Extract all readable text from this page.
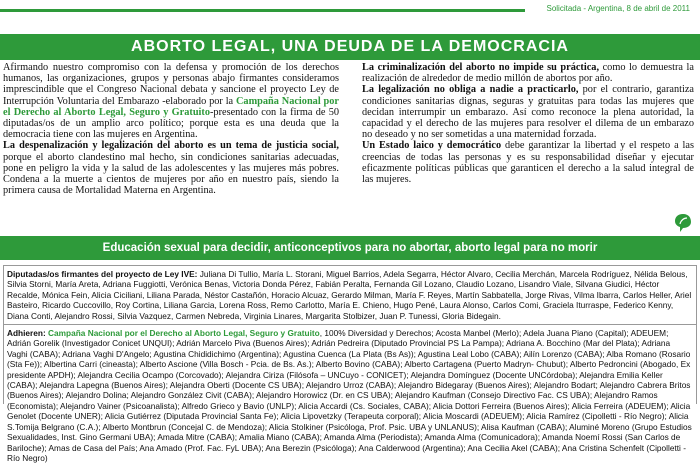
Solicitada - Argentina, 8 de abril de 2011
ABORTO LEGAL, UNA DEUDA DE LA DEMOCRACIA

Afirmando nuestro compromiso con la defensa y promoción de los derechos humanos, las organizaciones, grupos y personas abajo firmantes consideramos imprescindible que el Congreso Nacional debata y sancione el proyecto Ley de Interrupción Voluntaria del Embarazo -elaborado por la Campaña Nacional por el Derecho al Aborto Legal, Seguro y Gratuito-presentado con la firma de 50 diputadas/os de un amplio arco político; porque esta es una deuda que la democracia tiene con las mujeres en Argentina.

La despenalización y legalización del aborto es un tema de justicia social, porque el aborto clandestino mal hecho, sin condiciones sanitarias adecuadas, pone en peligro la vida y la salud de las adolescentes y las mujeres más pobres. Condena a la muerte a cientos de mujeres por año en nuestro país, siendo la primera causa de Mortalidad Materna en Argentina.

La criminalización del aborto no impide su práctica, como lo demuestra la realización de alrededor de medio millón de abortos por año.

La legalización no obliga a nadie a practicarlo, por el contrario, garantiza condiciones sanitarias dignas, seguras y gratuitas para todas las mujeres que decidan interrumpir un embarazo. Así como reconoce la plena autoridad, la capacidad y el derecho de las mujeres para resolver el dilema de un embarazo no deseado y no ser sometidas a una maternidad forzada.

Un Estado laico y democrático debe garantizar la libertad y el respeto a las creencias de todas las personas y es su responsabilidad diseñar y ejecutar eficazmente políticas públicas que garanticen el derecho a la salud integral de las mujeres.

Educación sexual para decidir, anticonceptivos para no abortar, aborto legal para no morir
Diputadas/os firmantes del proyecto de Ley IVE: Juliana Di Tullio, María L. Storani, Miguel Barrios, Adela Segarra, Héctor Alvaro, Cecilia Merchán, Marcela Rodríguez, Nélida Belous, Silvia Storni, María Areta, Adriana Fuggiotti, Verónica Benas, Victoria Donda Pérez, Fabián Peralta, Fernanda Gil Lozano, Claudio Lozano, Lisandro Viale, Silvana Giudici, Héctor Recalde, Mónica Fein, Alicia Ciciliani, Liliana Parada, Néstor Castañón, Horacio Alcuaz, Gerardo Milman, María F. Reyes, Martín Sabbatella, Jorge Rivas, Vilma Ibarra, Carlos Heller, Ariel Basteiro, Ricardo Cuccovillo, Roy Cortina, Liliana Garcia, Lorena Ross, Remo Carlotto, María E. Chieno, Hugo Pené, Laura Alonso, Carlos Comi, Graciela Iturraspe, Federico Kenny, Diana Conti, Alejandro Rossi, Silvia Vazquez, Carmen Nebreda, Virginia Linares, Margarita Stolbizer, Juan P. Tunessi, Gloria Bidegain.
Adhieren: Campaña Nacional por el Derecho al Aborto Legal, Seguro y Gratuito, 100% Diversidad y Derechos; Acosta Manbel (Merlo); Adela Juana Piano (Capital); ADEUEM; Adrián Gorelik (Investigador Conicet UNQUI); Adrián Marcelo Piva (Buenos Aires); Adrián Pedreira (Diputado Provincial PS La Pampa); Adriana A. Bocchino (Mar del Plata); Adriana Vaghi (CABA); Adriana Vaghi D'Angelo; Agustina Chididichimo (Argentina); Agustina Cuenca (La Plata (Bs As)); Agustina Leal Lobo (CABA); Ailín Lorenzo (CABA); Alba Romano (Rosario (Sta Fe)); Albertina Carri (cineasta); Alberto Ascione (Villa Bosch - Pcia. de Bs. As.); Alberto Bovino (CABA); Alberto Cartagena (Puerto Madryn- Chubut); Alberto Pedroncini (Abogado, Ex presidente APDH); Alejandra Cecilia Ocampo (Corcovado); Alejandra Ciriza (Filósofa – UNCuyo - CONICET); Alejandra Domínguez (Docente UNCórdoba); Alejandra Emilia Keller (CABA); Alejandra Lapegna (Buenos Aires); Alejandra Oberti (Docente CS UBA); Alejandro Urroz (CABA); Alejandro Bidegaray (Buenos Aires); Alejandro Bodart; Alejandro Cabrera Britos (Buenos Aires); Alejandro Dolina; Alejandro González Civit (CABA); Alejandro Horowicz (Dr. en CS UBA); Alejandro Kaufman (Consejo Directivo Fac. CS UBA); Alejandro Ramos (Economista); Alejandro Vainer (Psicoanalista); Alfredo Grieco y Bavio (UNLP); Alicia Accardi (Cs. Sociales, CABA); Alicia Dottori Ferreira (Buenos Aires); Alicia Ferreira (ADEUEM); Alicia Genolet (Docente UNER); Alicia Gutiérrez (Diputada Provincial Santa Fe); Alicia Lipovetzky (Terapeuta corporal); Alicia Moscardi (ADEUEM); Alicia Ramírez (Cipolletti - Río Negro); Alicia S.Tomija Belgrano (C.A.); Alberto Montbrun (Concejal C. de Mendoza); Alicia Stolkiner (Psicóloga, Prof. Psic. UBA y UNLANUS); Alisa Kaufman (CABA); Aluminé Moreno (Grupo Estudios Sexualidades, Inst. Gino Germani UBA); Amada Mitre (CABA); Amalia Miano (CABA); Amanda Alma (Periodista); Amanda Alma (Comunicadora); Amanda Noemí Rossi (San Carlos de Bariloche); Amas de Casa del País; Ana Amado (Prof. Fac. FyL UBA); Ana Berezin (Psicóloga); Ana Calderwood (Argentina); Ana Cecilia Akel (CABA); Ana Cristina Schenfelt (Cipolletti - Río Negro)
